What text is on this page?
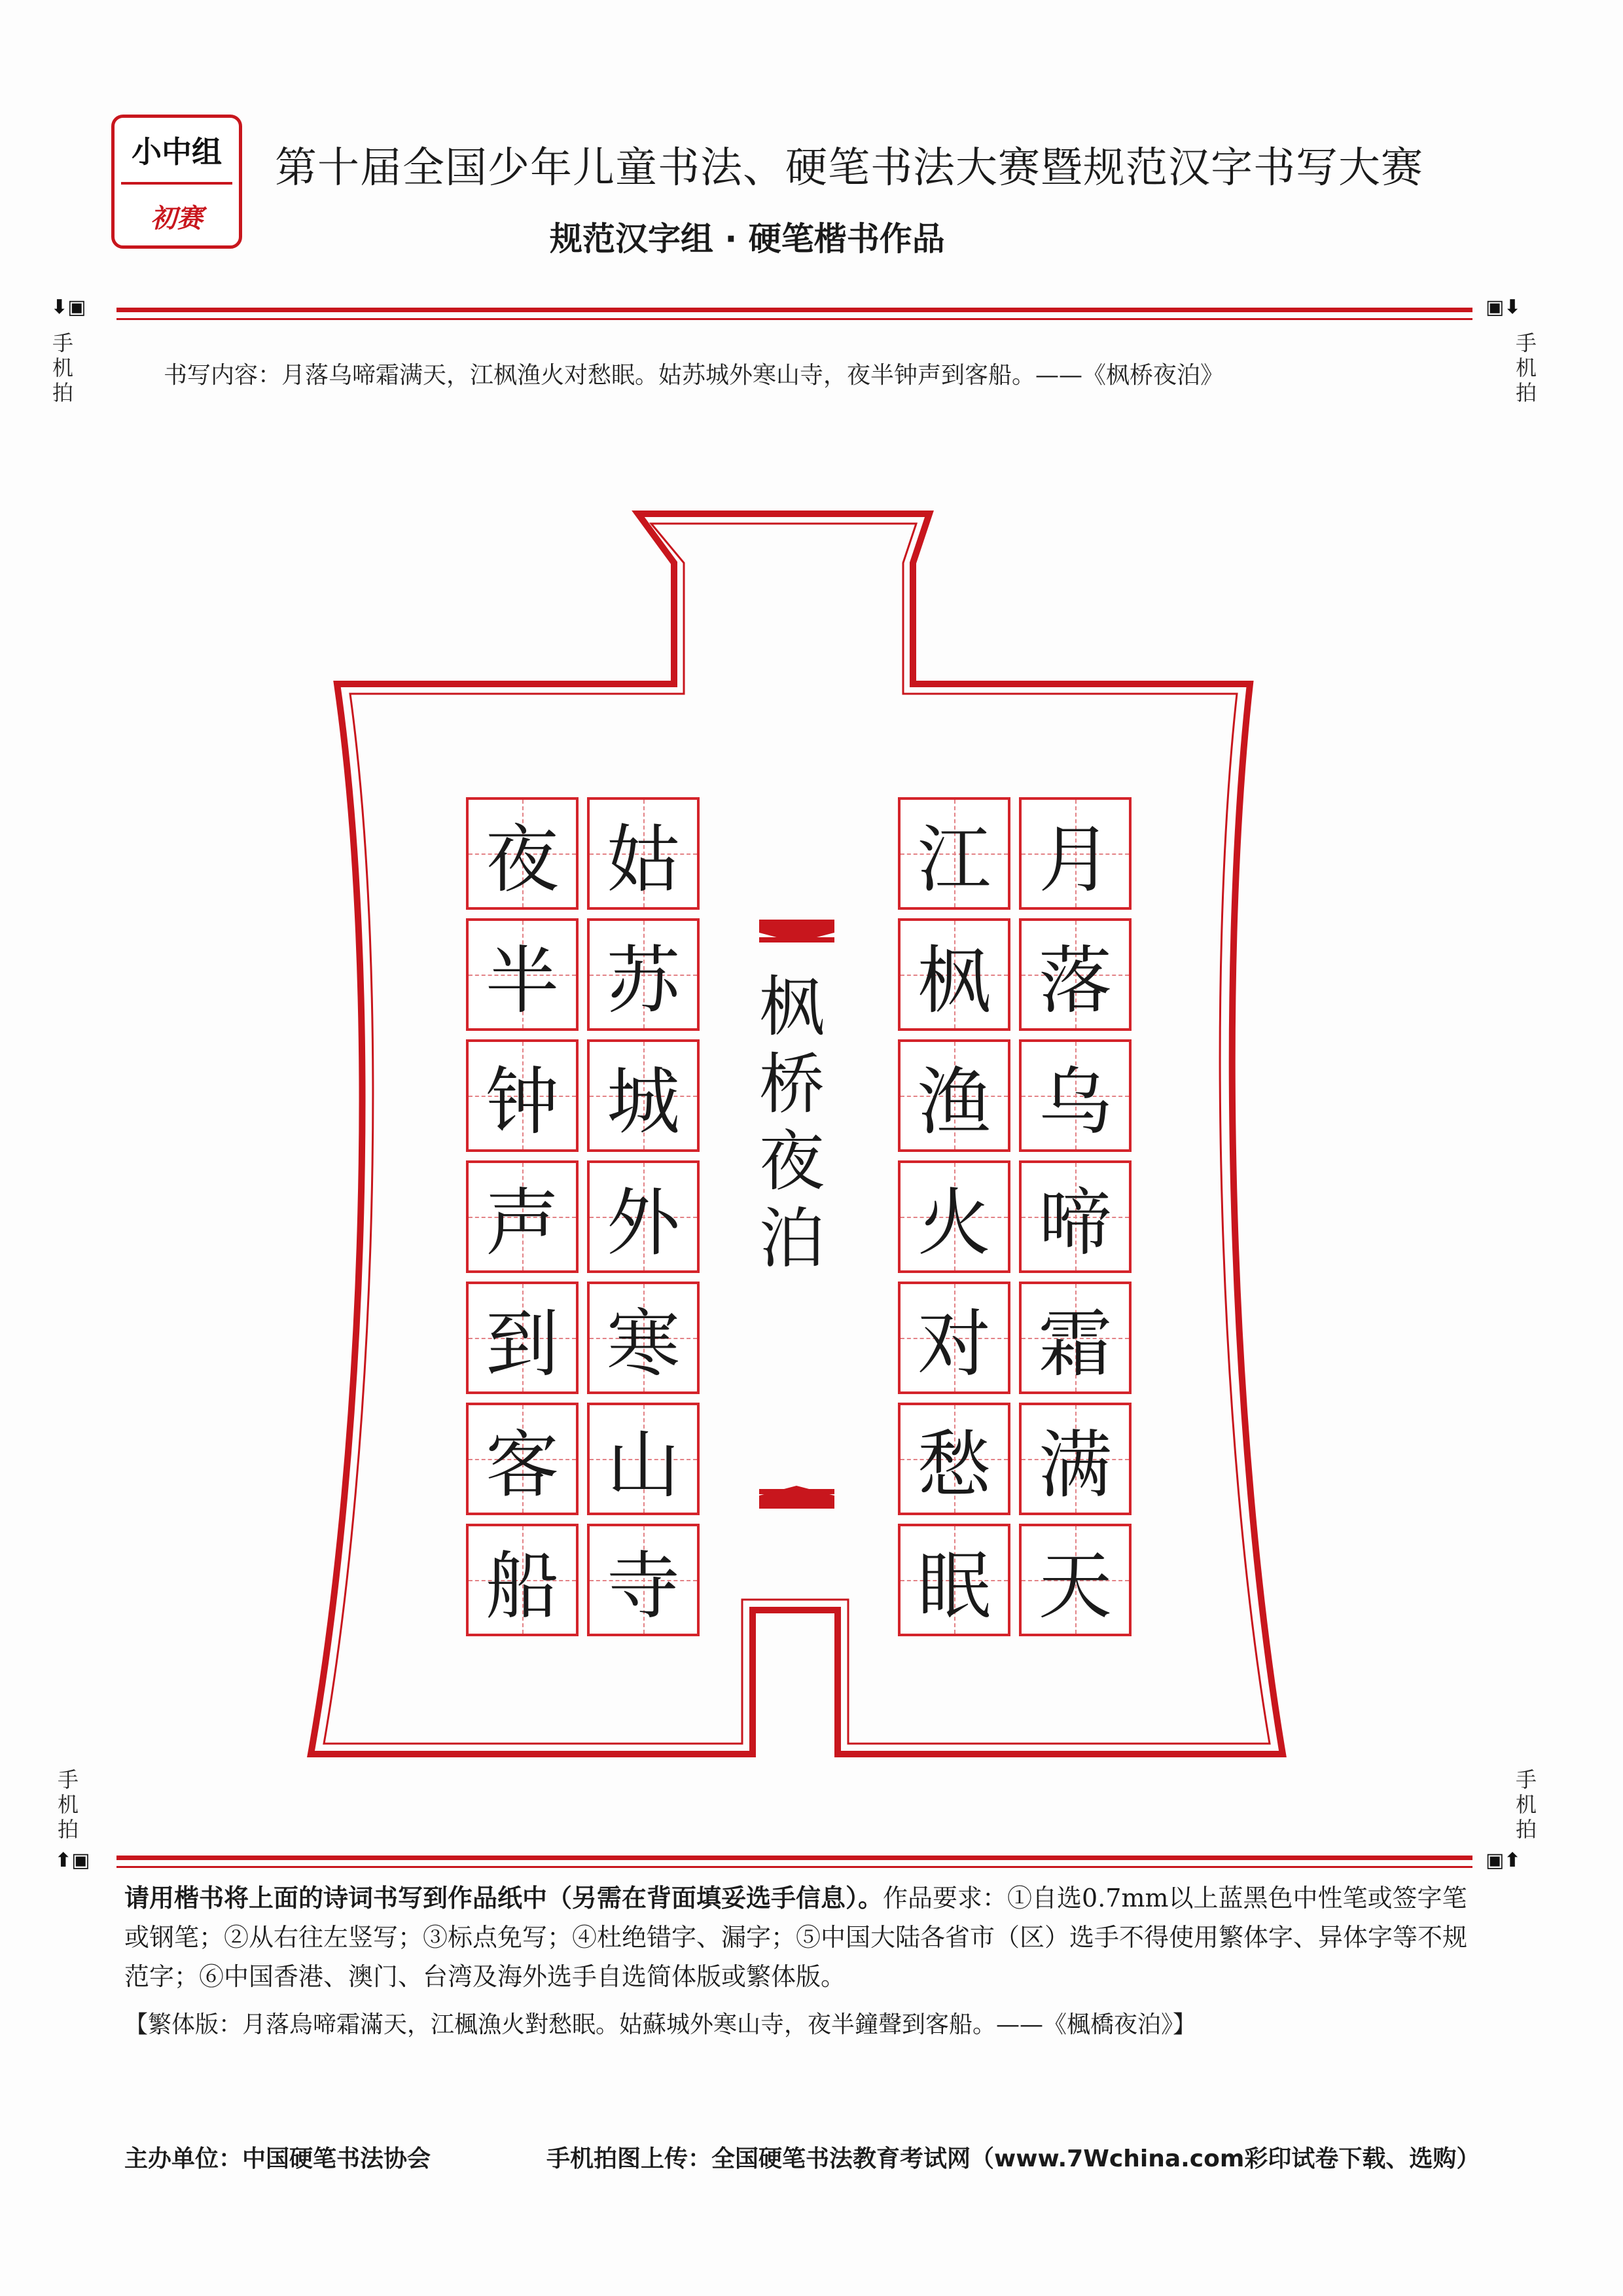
小中组
初赛
第十届全国少年儿童书法、硬笔书法大赛暨规范汉字书写大赛
规范汉字组 · 硬笔楷书作品
⬇▣	▣⬇
手机拍
手机拍
书写内容：月落乌啼霜满天，江枫渔火对愁眠。姑苏城外寒山寺，夜半钟声到客船。——《枫桥夜泊》
枫
桥
夜
泊
月
落
乌
啼
霜
满
天
江
枫
渔
火
对
愁
眠
姑
苏
城
外
寒
山
寺
夜
半
钟
声
到
客
船
手机拍
手机拍
⬆▣	▣⬆
请用楷书将上面的诗词书写到作品纸中（另需在背面填妥选手信息）。作品要求：①自选0.7mm以上蓝黑色中性笔或签字笔或钢笔；②从右往左竖写；③标点免写；④杜绝错字、漏字；⑤中国大陆各省市（区）选手不得使用繁体字、异体字等不规范字；⑥中国香港、澳门、台湾及海外选手自选简体版或繁体版。
【繁体版：月落烏啼霜滿天，江楓漁火對愁眠。姑蘇城外寒山寺，夜半鐘聲到客船。——《楓橋夜泊》】
主办单位：中国硬笔书法协会	手机拍图上传：全国硬笔书法教育考试网（www.7Wchina.com彩印试卷下载、选购）
